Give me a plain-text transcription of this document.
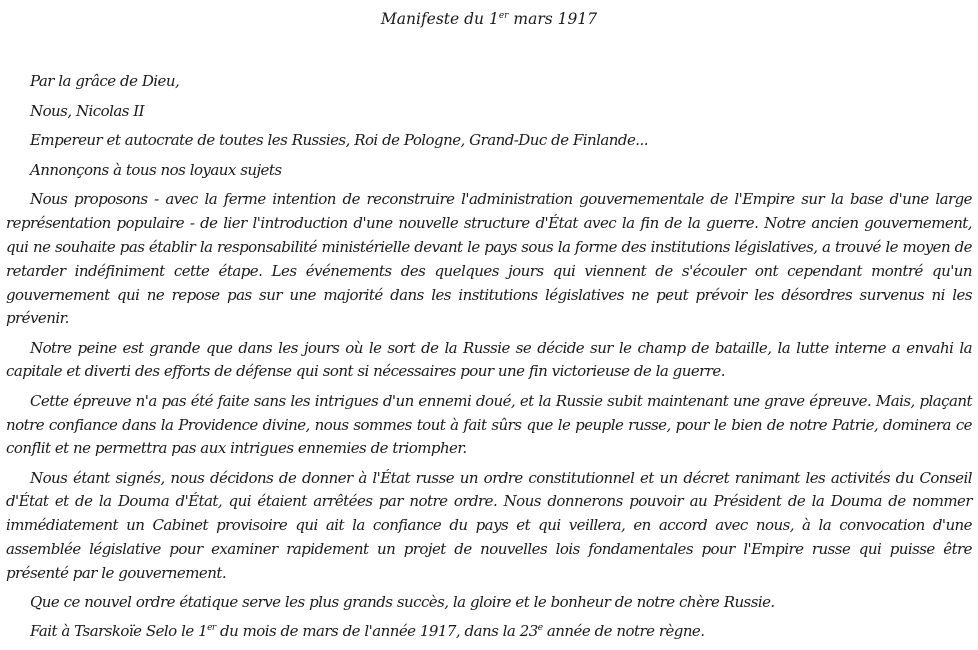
Manifeste du 1er mars 1917

Par la grâce de Dieu,

Nous, Nicolas II

Empereur et autocrate de toutes les Russies, Roi de Pologne, Grand-Duc de Finlande...

Annonçons à tous nos loyaux sujets

Nous proposons - avec la ferme intention de reconstruire l'administration gouvernementale de l'Empire sur la base d'une large représentation populaire - de lier l'introduction d'une nouvelle structure d'État avec la fin de la guerre. Notre ancien gouvernement, qui ne souhaite pas établir la responsabilité ministérielle devant le pays sous la forme des institutions législatives, a trouvé le moyen de retarder indéfiniment cette étape. Les événements des quelques jours qui viennent de s'écouler ont cependant montré qu'un gouvernement qui ne repose pas sur une majorité dans les institutions législatives ne peut prévoir les désordres survenus ni les prévenir.

Notre peine est grande que dans les jours où le sort de la Russie se décide sur le champ de bataille, la lutte interne a envahi la capitale et diverti des efforts de défense qui sont si nécessaires pour une fin victorieuse de la guerre.

Cette épreuve n'a pas été faite sans les intrigues d'un ennemi doué, et la Russie subit maintenant une grave épreuve. Mais, plaçant notre confiance dans la Providence divine, nous sommes tout à fait sûrs que le peuple russe, pour le bien de notre Patrie, dominera ce conflit et ne permettra pas aux intrigues ennemies de triompher.

Nous étant signés, nous décidons de donner à l'État russe un ordre constitutionnel et un décret ranimant les activités du Conseil d'État et de la Douma d'État, qui étaient arrêtées par notre ordre. Nous donnerons pouvoir au Président de la Douma de nommer immédiatement un Cabinet provisoire qui ait la confiance du pays et qui veillera, en accord avec nous, à la convocation d'une assemblée législative pour examiner rapidement un projet de nouvelles lois fondamentales pour l'Empire russe qui puisse être présenté par le gouvernement.

Que ce nouvel ordre étatique serve les plus grands succès, la gloire et le bonheur de notre chère Russie.

Fait à Tsarskoïe Selo le 1er du mois de mars de l'année 1917, dans la 23e année de notre règne.
